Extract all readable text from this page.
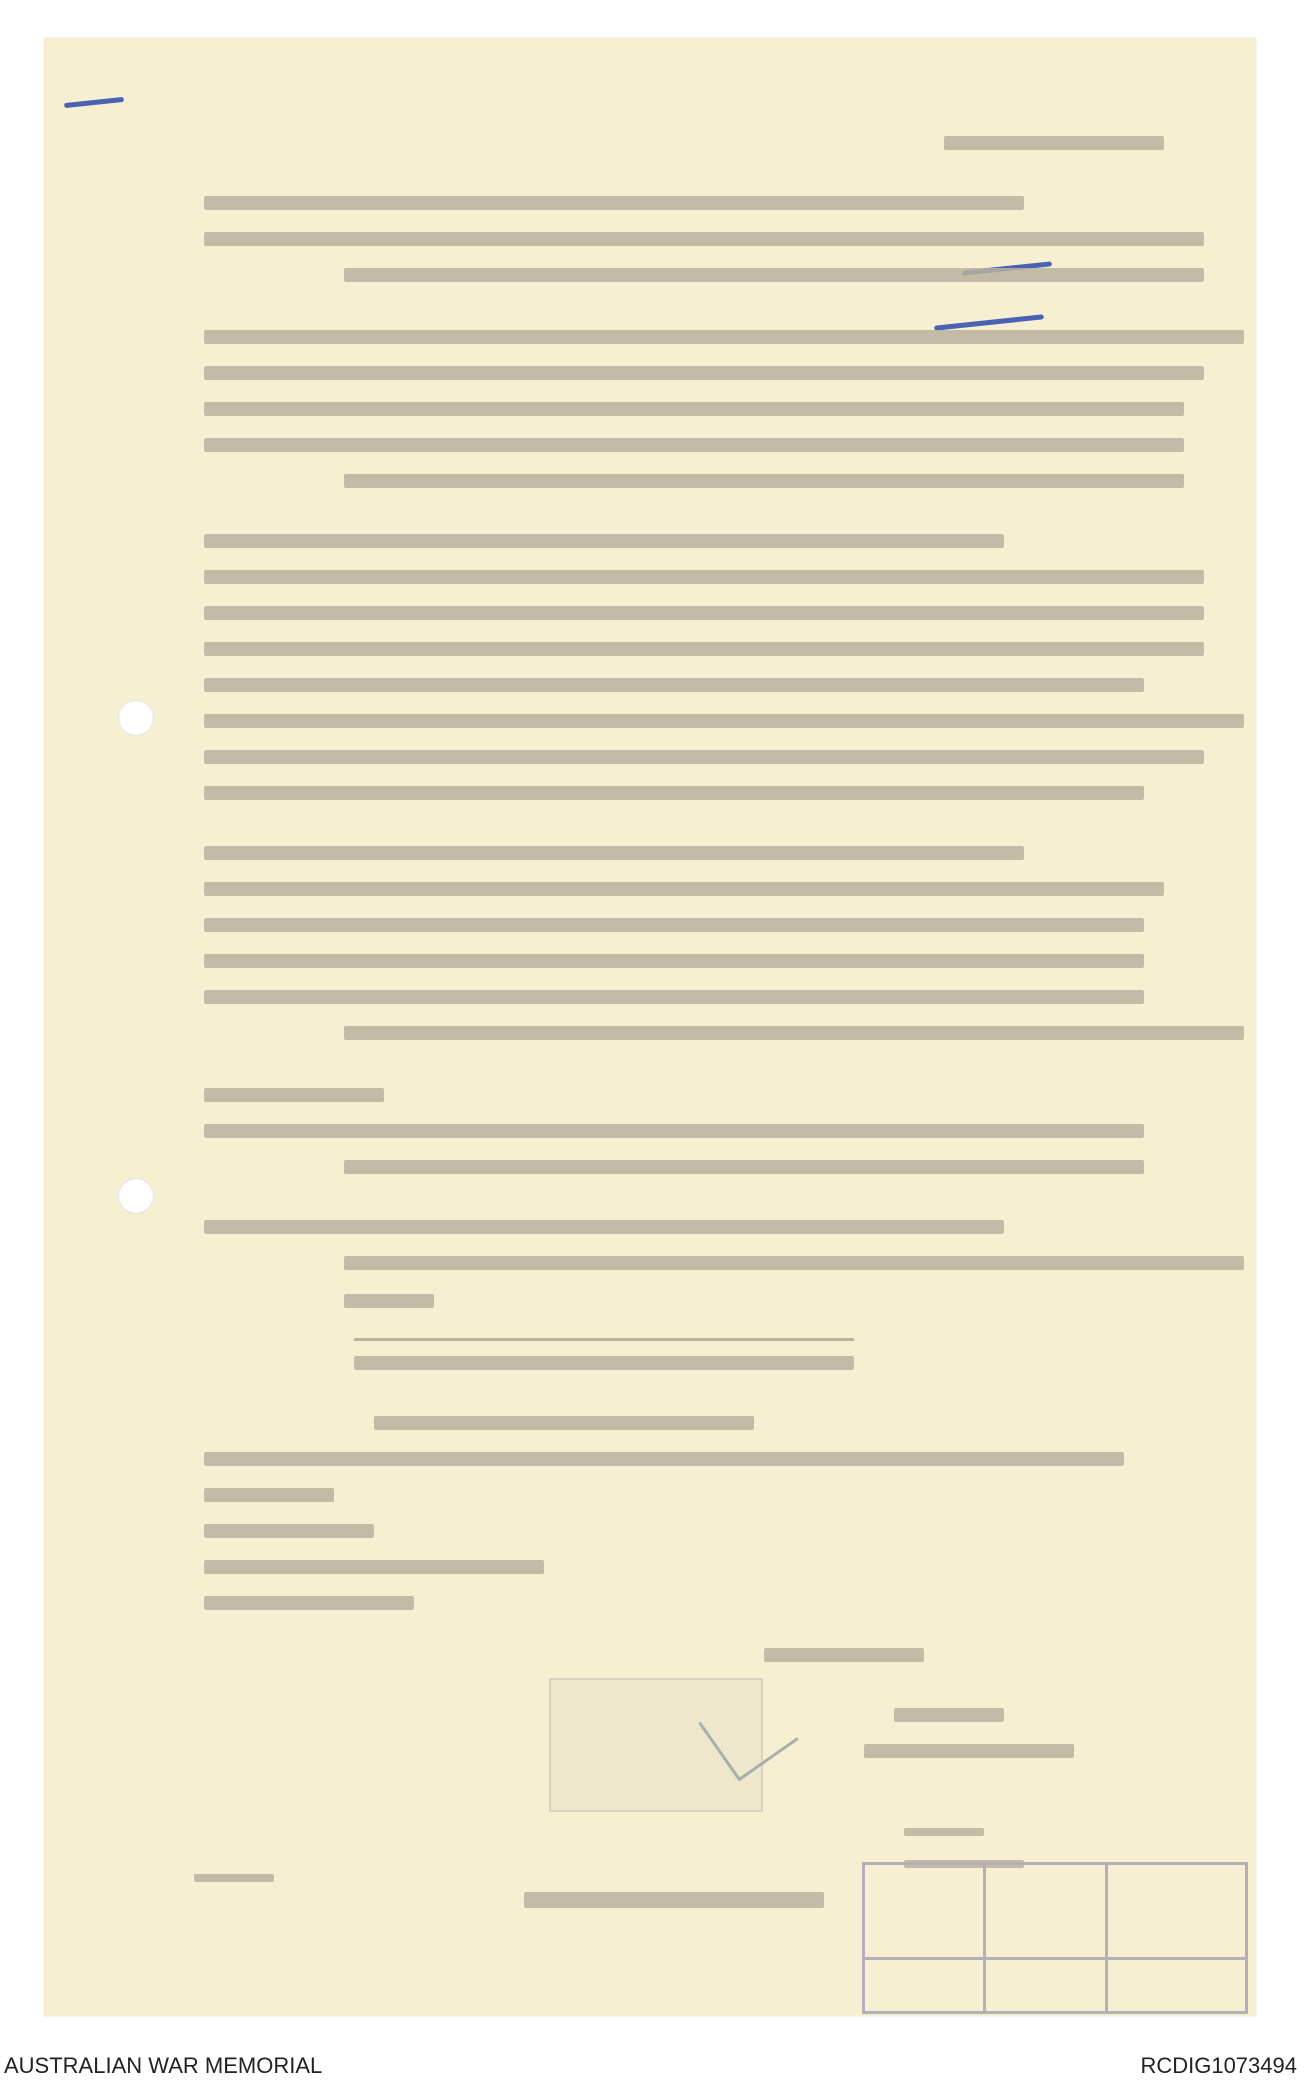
AUSTRALIAN WAR MEMORIAL	RCDIG1073494
